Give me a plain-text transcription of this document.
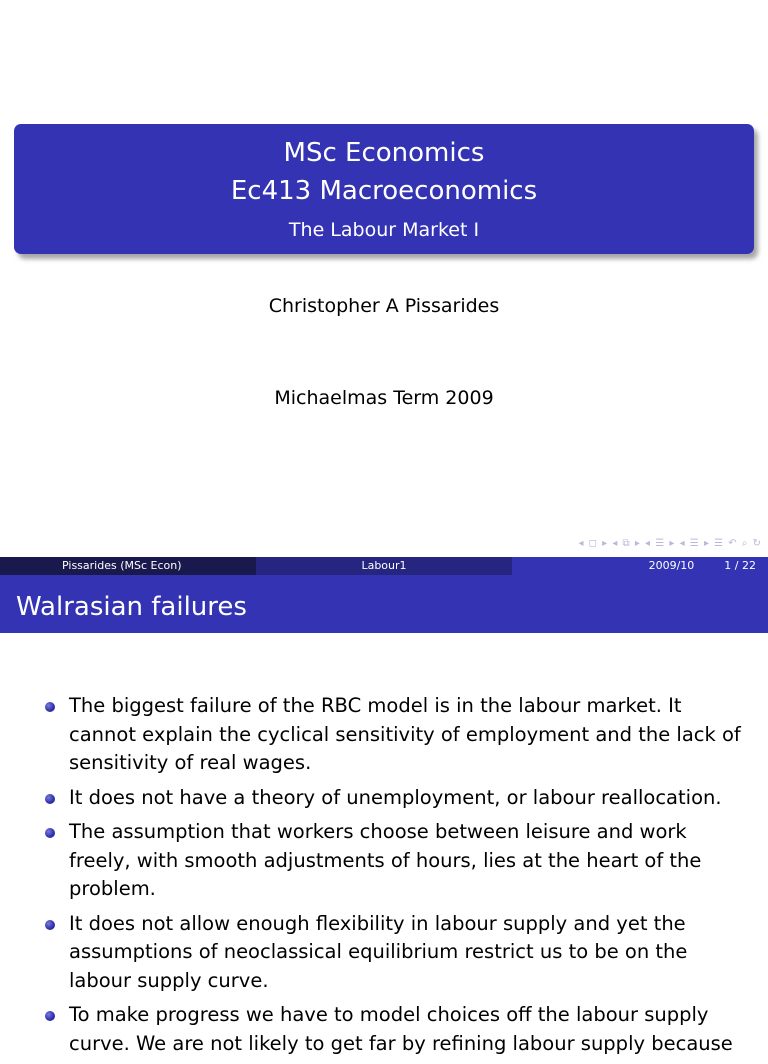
MSc Economics
Ec413 Macroeconomics
The Labour Market I
Christopher A Pissarides
Michaelmas Term 2009
◂ ◻ ▸ ◂ ⧉ ▸ ◂ ☰ ▸ ◂ ☰ ▸ ☰ ↶ ⌕ ↻
Pissarides (MSc Econ)	Labour1	2009/10	1 / 22
Walrasian failures
The biggest failure of the RBC model is in the labour market. It cannot explain the cyclical sensitivity of employment and the lack of sensitivity of real wages.
It does not have a theory of unemployment, or labour reallocation.
The assumption that workers choose between leisure and work freely, with smooth adjustments of hours, lies at the heart of the problem.
It does not allow enough flexibility in labour supply and yet the assumptions of neoclassical equilibrium restrict us to be on the labour supply curve.
To make progress we have to model choices off the labour supply curve. We are not likely to get far by refining labour supply because
